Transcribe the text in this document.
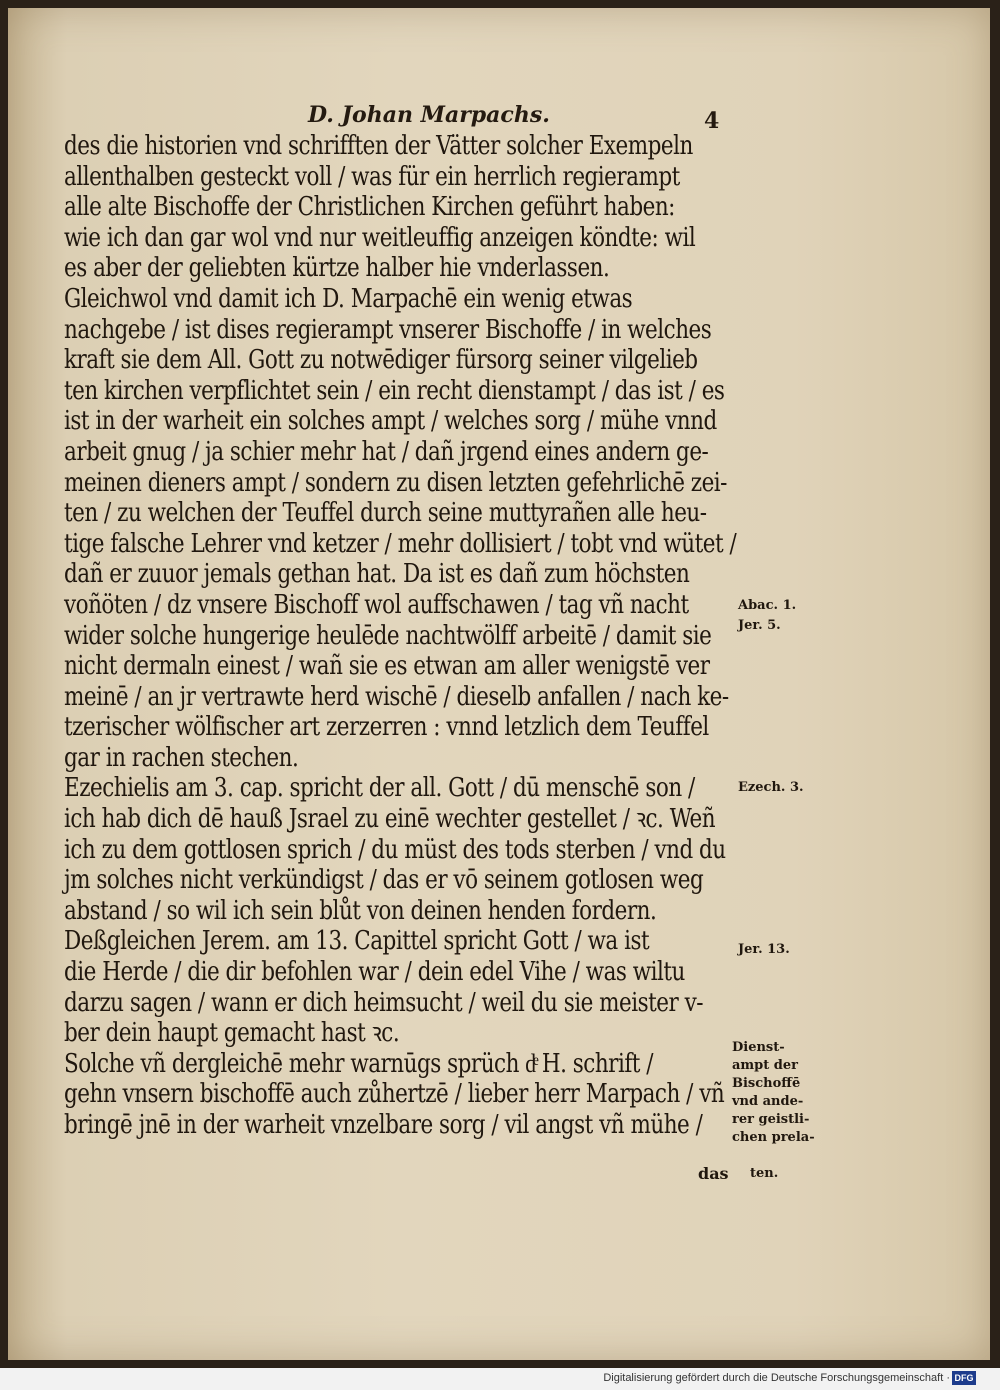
D. Johan Marpachs.	4
des die historien vnd schrifften der Vätter solcher Exempeln
allenthalben gesteckt voll / was für ein herrlich regierampt
alle alte Bischoffe der Christlichen Kirchen geführt haben:
wie ich dan gar wol vnd nur weitleuffig anzeigen köndte: wil
es aber der geliebten kürtze halber hie vnderlassen.
Gleichwol vnd damit ich D. Marpachē ein wenig etwas
nachgebe / ist dises regierampt vnserer Bischoffe / in welches
kraft sie dem All. Gott zu notwēdiger fürsorg seiner vilgelieb
ten kirchen verpflichtet sein / ein recht dienstampt / das ist / es
ist in der warheit ein solches ampt / welches sorg / mühe vnnd
arbeit gnug / ja schier mehr hat / dañ jrgend eines andern ge-
meinen dieners ampt / sondern zu disen letzten gefehrlichē zei-
ten / zu welchen der Teuffel durch seine muttyrañen alle heu-
tige falsche Lehrer vnd ketzer / mehr dollisiert / tobt vnd wütet /
dañ er zuuor jemals gethan hat. Da ist es dañ zum höchsten
voñöten / dz vnsere Bischoff wol auffschawen / tag vñ nacht
wider solche hungerige heulēde nachtwölff arbeitē / damit sie
nicht dermaln einest / wañ sie es etwan am aller wenigstē ver
meinē / an jr vertrawte herd wischē / dieselb anfallen / nach ke-
tzerischer wölfischer art zerzerren : vnnd letzlich dem Teuffel
gar in rachen stechen.
Ezechielis am 3. cap. spricht der all. Gott / dū menschē son /
ich hab dich dē hauß Jsrael zu einē wechter gestellet / ꝛc. Weñ
ich zu dem gottlosen sprich / du müst des tods sterben / vnd du
jm solches nicht verkündigst / das er vō seinem gotlosen weg
abstand / so wil ich sein blůt von deinen henden fordern.
Deßgleichen Jerem. am 13. Capittel spricht Gott / wa ist
die Herde / die dir befohlen war / dein edel Vihe / was wiltu
darzu sagen / wann er dich heimsucht / weil du sie meister v-
ber dein haupt gemacht hast ꝛc.
Solche vñ dergleichē mehr warnūgs sprüch dͤ H. schrift /
gehn vnsern bischoffē auch zůhertzē / lieber herr Marpach / vñ
bringē jnē in der warheit vnzelbare sorg / vil angst vñ mühe /
Abac. 1.
Jer. 5.
Ezech. 3.
Jer. 13.
Dienst-
ampt der
Bischoffē
vnd ande-
rer geistli-
chen prela-
ten.
das
Digitalisierung gefördert durch die Deutsche Forschungsgemeinschaft · DFG
